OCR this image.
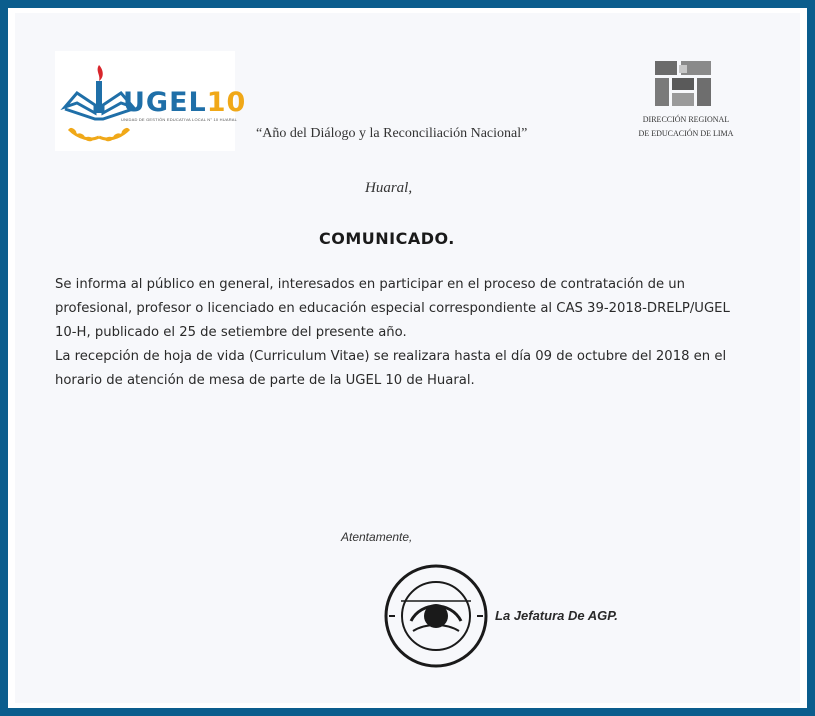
UGEL10
UNIDAD DE GESTIÓN EDUCATIVA LOCAL N° 10 HUARAL
“Año del Diálogo y la Reconciliación Nacional”
DIRECCIÓN REGIONAL
DE EDUCACIÓN DE LIMA
Huaral,
COMUNICADO.

Se informa al público en general, interesados en participar en el proceso de contratación de un profesional, profesor o licenciado en educación especial correspondiente al CAS 39-2018-DRELP/UGEL 10-H, publicado el 25 de setiembre del presente año.

La recepción de hoja de vida (Curriculum Vitae) se realizara hasta el día 09 de octubre del 2018 en el horario de atención de mesa de parte de la UGEL 10 de Huaral.

Atentamente,
La Jefatura De AGP.
